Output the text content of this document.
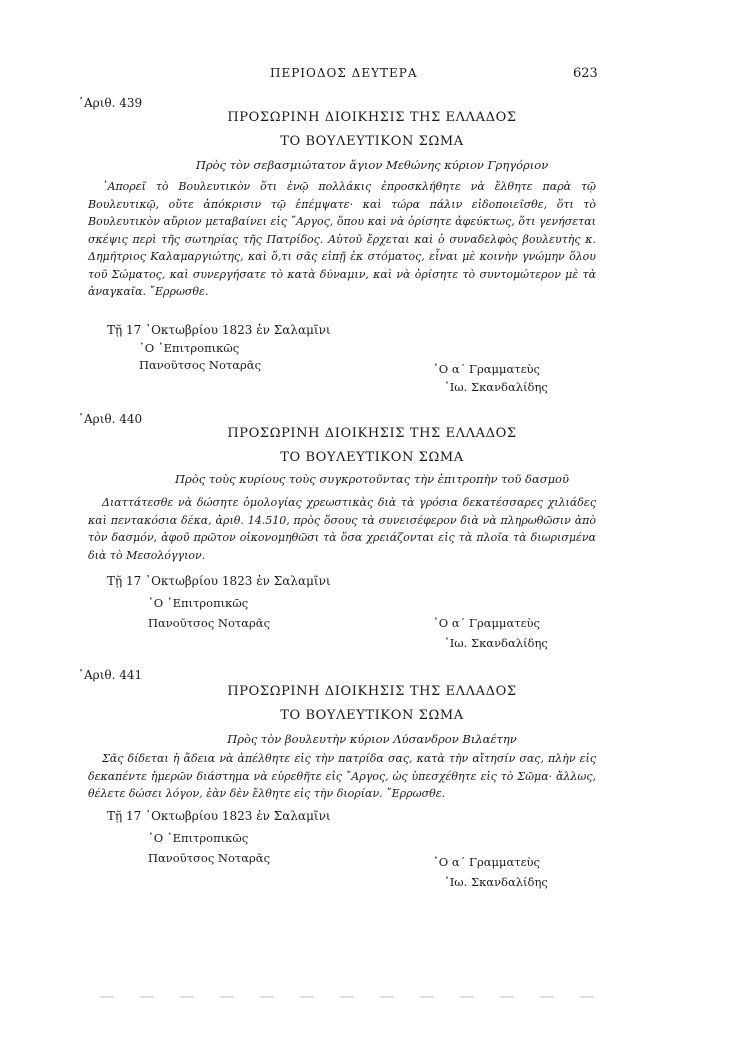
ΠΕΡΙΟΔΟΣ ΔΕΥΤΕΡΑ	623
᾿Αριθ. 439
ΠΡΟΣΩΡΙΝΗ ΔΙΟΙΚΗΣΙΣ ΤΗΣ ΕΛΛΑΔΟΣ
ΤΟ ΒΟΥΛΕΥΤΙΚΟΝ ΣΩΜΑ
Πρὸς τὸν σεβασμιώτατον ἅγιον Μεθώνης κύριον Γρηγόριον
᾿Απορεῖ τὸ Βουλευτικὸν ὅτι ἐνῷ πολλάκις ἐπροσκλήθητε νὰ ἔλθητε παρὰ τῷ Βουλευτικῷ, οὔτε ἀπόκρισιν τῷ ἐπέμψατε· καὶ τώρα πάλιν εἰδοποιεῖσθε, ὅτι τὸ Βουλευτικὸν αὔριον μεταβαίνει εἰς ῎Αργος, ὅπου καὶ νὰ ὁρίσητε ἀφεύκτως, ὅτι γενήσεται σκέψις περὶ τῆς σωτηρίας τῆς Πατρίδος. Αὐτοῦ ἔρχεται καὶ ὁ συναδελφὸς βουλευτὴς κ. Δημήτριος Καλαμαργιώτης, καὶ ὅ,τι σᾶς εἰπῇ ἐκ στόματος, εἶναι μὲ κοινὴν γνώμην ὅλου τοῦ Σώματος, καὶ συνεργήσατε τὸ κατὰ δύναμιν, καὶ νὰ ὁρίσητε τὸ συντομώτερον μὲ τὰ ἀναγκαῖα. ῎Ερρωσθε.
Τῇ 17 ᾿Οκτωβρίου 1823 ἐν Σαλαμῖνι
῾Ο ᾿Επιτροπικῶς
Πανοῦτσος Νοταρᾶς	῾Ο α΄ Γραμματεὺς
᾿Ιω. Σκανδαλίδης
᾿Αριθ. 440
ΠΡΟΣΩΡΙΝΗ ΔΙΟΙΚΗΣΙΣ ΤΗΣ ΕΛΛΑΔΟΣ
ΤΟ ΒΟΥΛΕΥΤΙΚΟΝ ΣΩΜΑ
Πρὸς τοὺς κυρίους τοὺς συγκροτοῦντας τὴν ἐπιτροπὴν τοῦ δασμοῦ
Διαττάτεσθε νὰ δώσητε ὁμολογίας χρεωστικὰς διὰ τὰ γρόσια δεκατέσσαρες χιλιάδες καὶ πεντακόσια δέκα, ἀριθ. 14.510, πρὸς ὅσους τὰ συνεισέφερον διὰ νὰ πληρωθῶσιν ἀπὸ τὸν δασμόν, ἀφοῦ πρῶτον οἰκονομηθῶσι τὰ ὅσα χρειάζονται εἰς τὰ πλοῖα τὰ διωρισμένα διὰ τὸ Μεσολόγγιον.
Τῇ 17 ᾿Οκτωβρίου 1823 ἐν Σαλαμῖνι
῾Ο ᾿Επιτροπικῶς
Πανοῦτσος Νοταρᾶς	῾Ο α΄ Γραμματεὺς
᾿Ιω. Σκανδαλίδης
᾿Αριθ. 441
ΠΡΟΣΩΡΙΝΗ ΔΙΟΙΚΗΣΙΣ ΤΗΣ ΕΛΛΑΔΟΣ
ΤΟ ΒΟΥΛΕΥΤΙΚΟΝ ΣΩΜΑ
Πρὸς τὸν βουλευτὴν κύριον Λύσανδρον Βιλαέτην
Σᾶς δίδεται ἡ ἄδεια νὰ ἀπέλθητε εἰς τὴν πατρίδα σας, κατὰ τὴν αἴτησίν σας, πλὴν εἰς δεκαπέντε ἡμερῶν διάστημα νὰ εὑρεθῆτε εἰς ῎Αργος, ὡς ὑπεσχέθητε εἰς τὸ Σῶμα· ἄλλως, θέλετε δώσει λόγον, ἐὰν δὲν ἔλθητε εἰς τὴν διορίαν. ῎Ερρωσθε.
Τῇ 17 ᾿Οκτωβρίου 1823 ἐν Σαλαμῖνι
῾Ο ᾿Επιτροπικῶς
Πανοῦτσος Νοταρᾶς	῾Ο α΄ Γραμματεὺς
᾿Ιω. Σκανδαλίδης
